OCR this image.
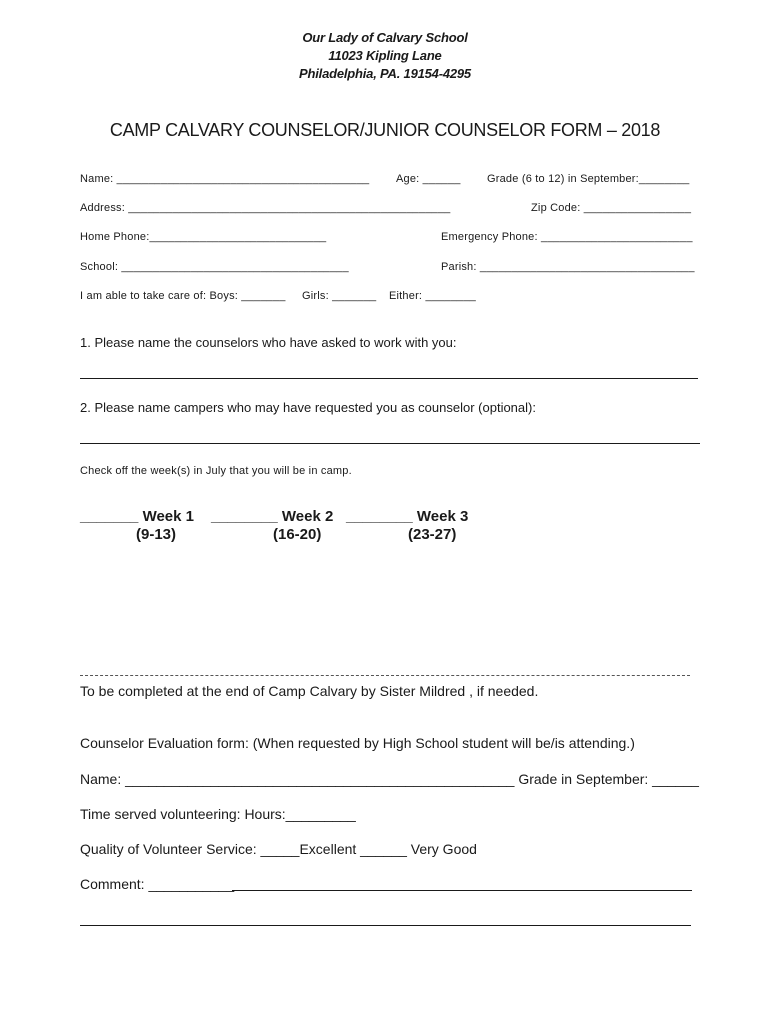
Our Lady of Calvary School
11023 Kipling Lane
Philadelphia, PA. 19154-4295
CAMP CALVARY COUNSELOR/JUNIOR COUNSELOR FORM – 2018
Name: ________________________________________ Age: ______ Grade (6 to 12) in September:________
Address: ___________________________________________________	Zip Code: _________________
Home Phone:____________________________	Emergency Phone: ________________________
School: ____________________________________	Parish: __________________________________
I am able to take care of: Boys: _______ Girls: _______ Either: ________
1. Please name the counselors who have asked to work with you:
2. Please name campers who may have requested you as counselor (optional):
Check off the week(s) in July that you will be in camp.
_______ Week 1
(9-13)
________ Week 2
(16-20)
________ Week 3
(23-27)
To be completed at the end of Camp Calvary by Sister Mildred , if needed.
Counselor Evaluation form: (When requested by High School student will be/is attending.)
Name: __________________________________________________ Grade in September: ______
Time served volunteering: Hours:_________
Quality of Volunteer Service: _____Excellent ______ Very Good
Comment: ___________
